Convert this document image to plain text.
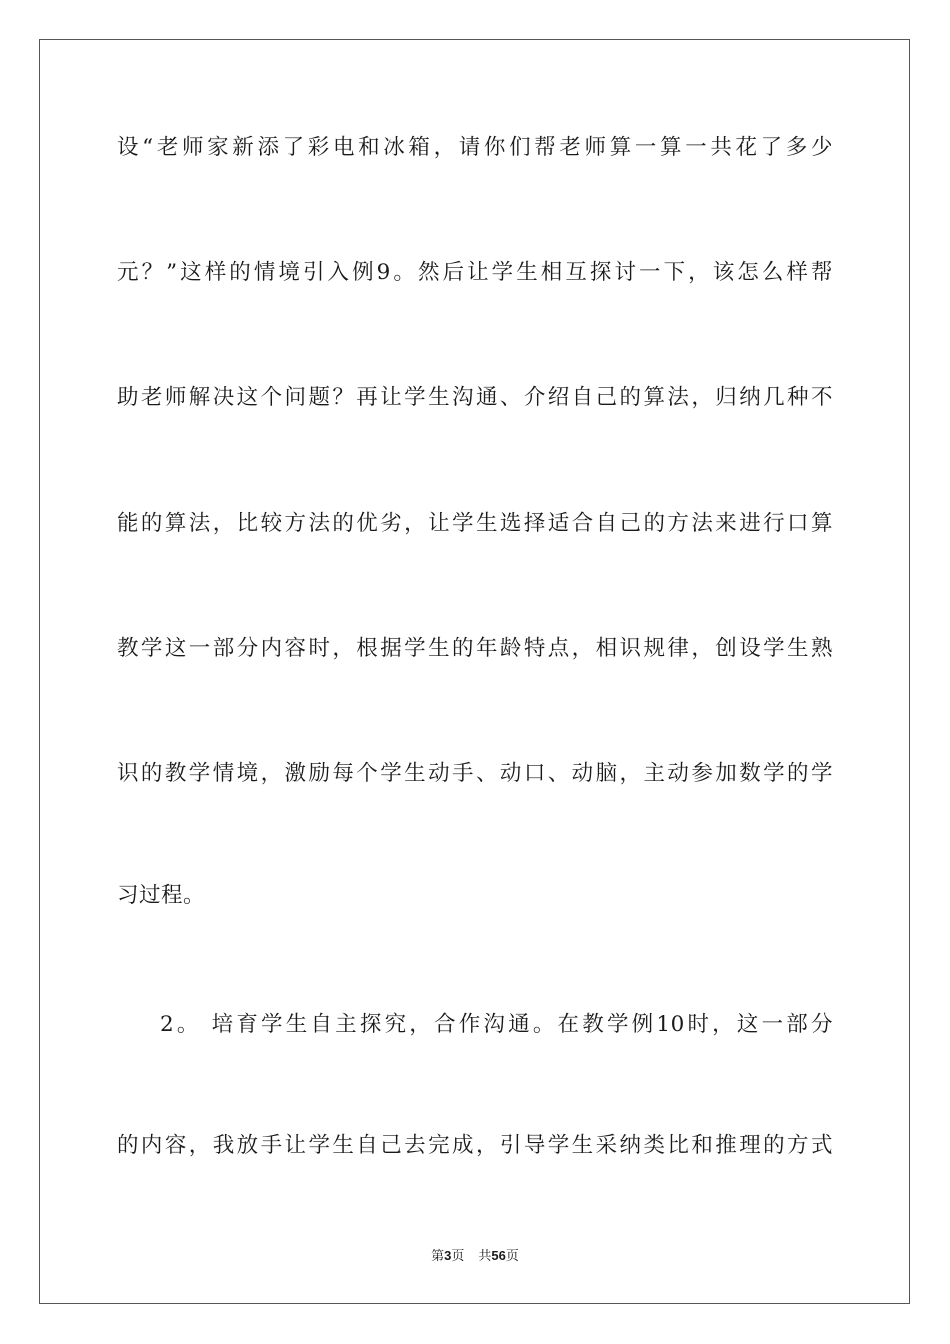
设“老师家新添了彩电和冰箱，请你们帮老师算一算一共花了多少
元？”这样的情境引入例9。然后让学生相互探讨一下，该怎么样帮
助老师解决这个问题？再让学生沟通、介绍自己的算法，归纳几种不
能的算法，比较方法的优劣，让学生选择适合自己的方法来进行口算
教学这一部分内容时，根据学生的年龄特点，相识规律，创设学生熟
识的教学情境，激励每个学生动手、动口、动脑，主动参加数学的学
习过程。
2。 培育学生自主探究，合作沟通。在教学例10时，这一部分
的内容，我放手让学生自己去完成，引导学生采纳类比和推理的方式
第3页 共56页
